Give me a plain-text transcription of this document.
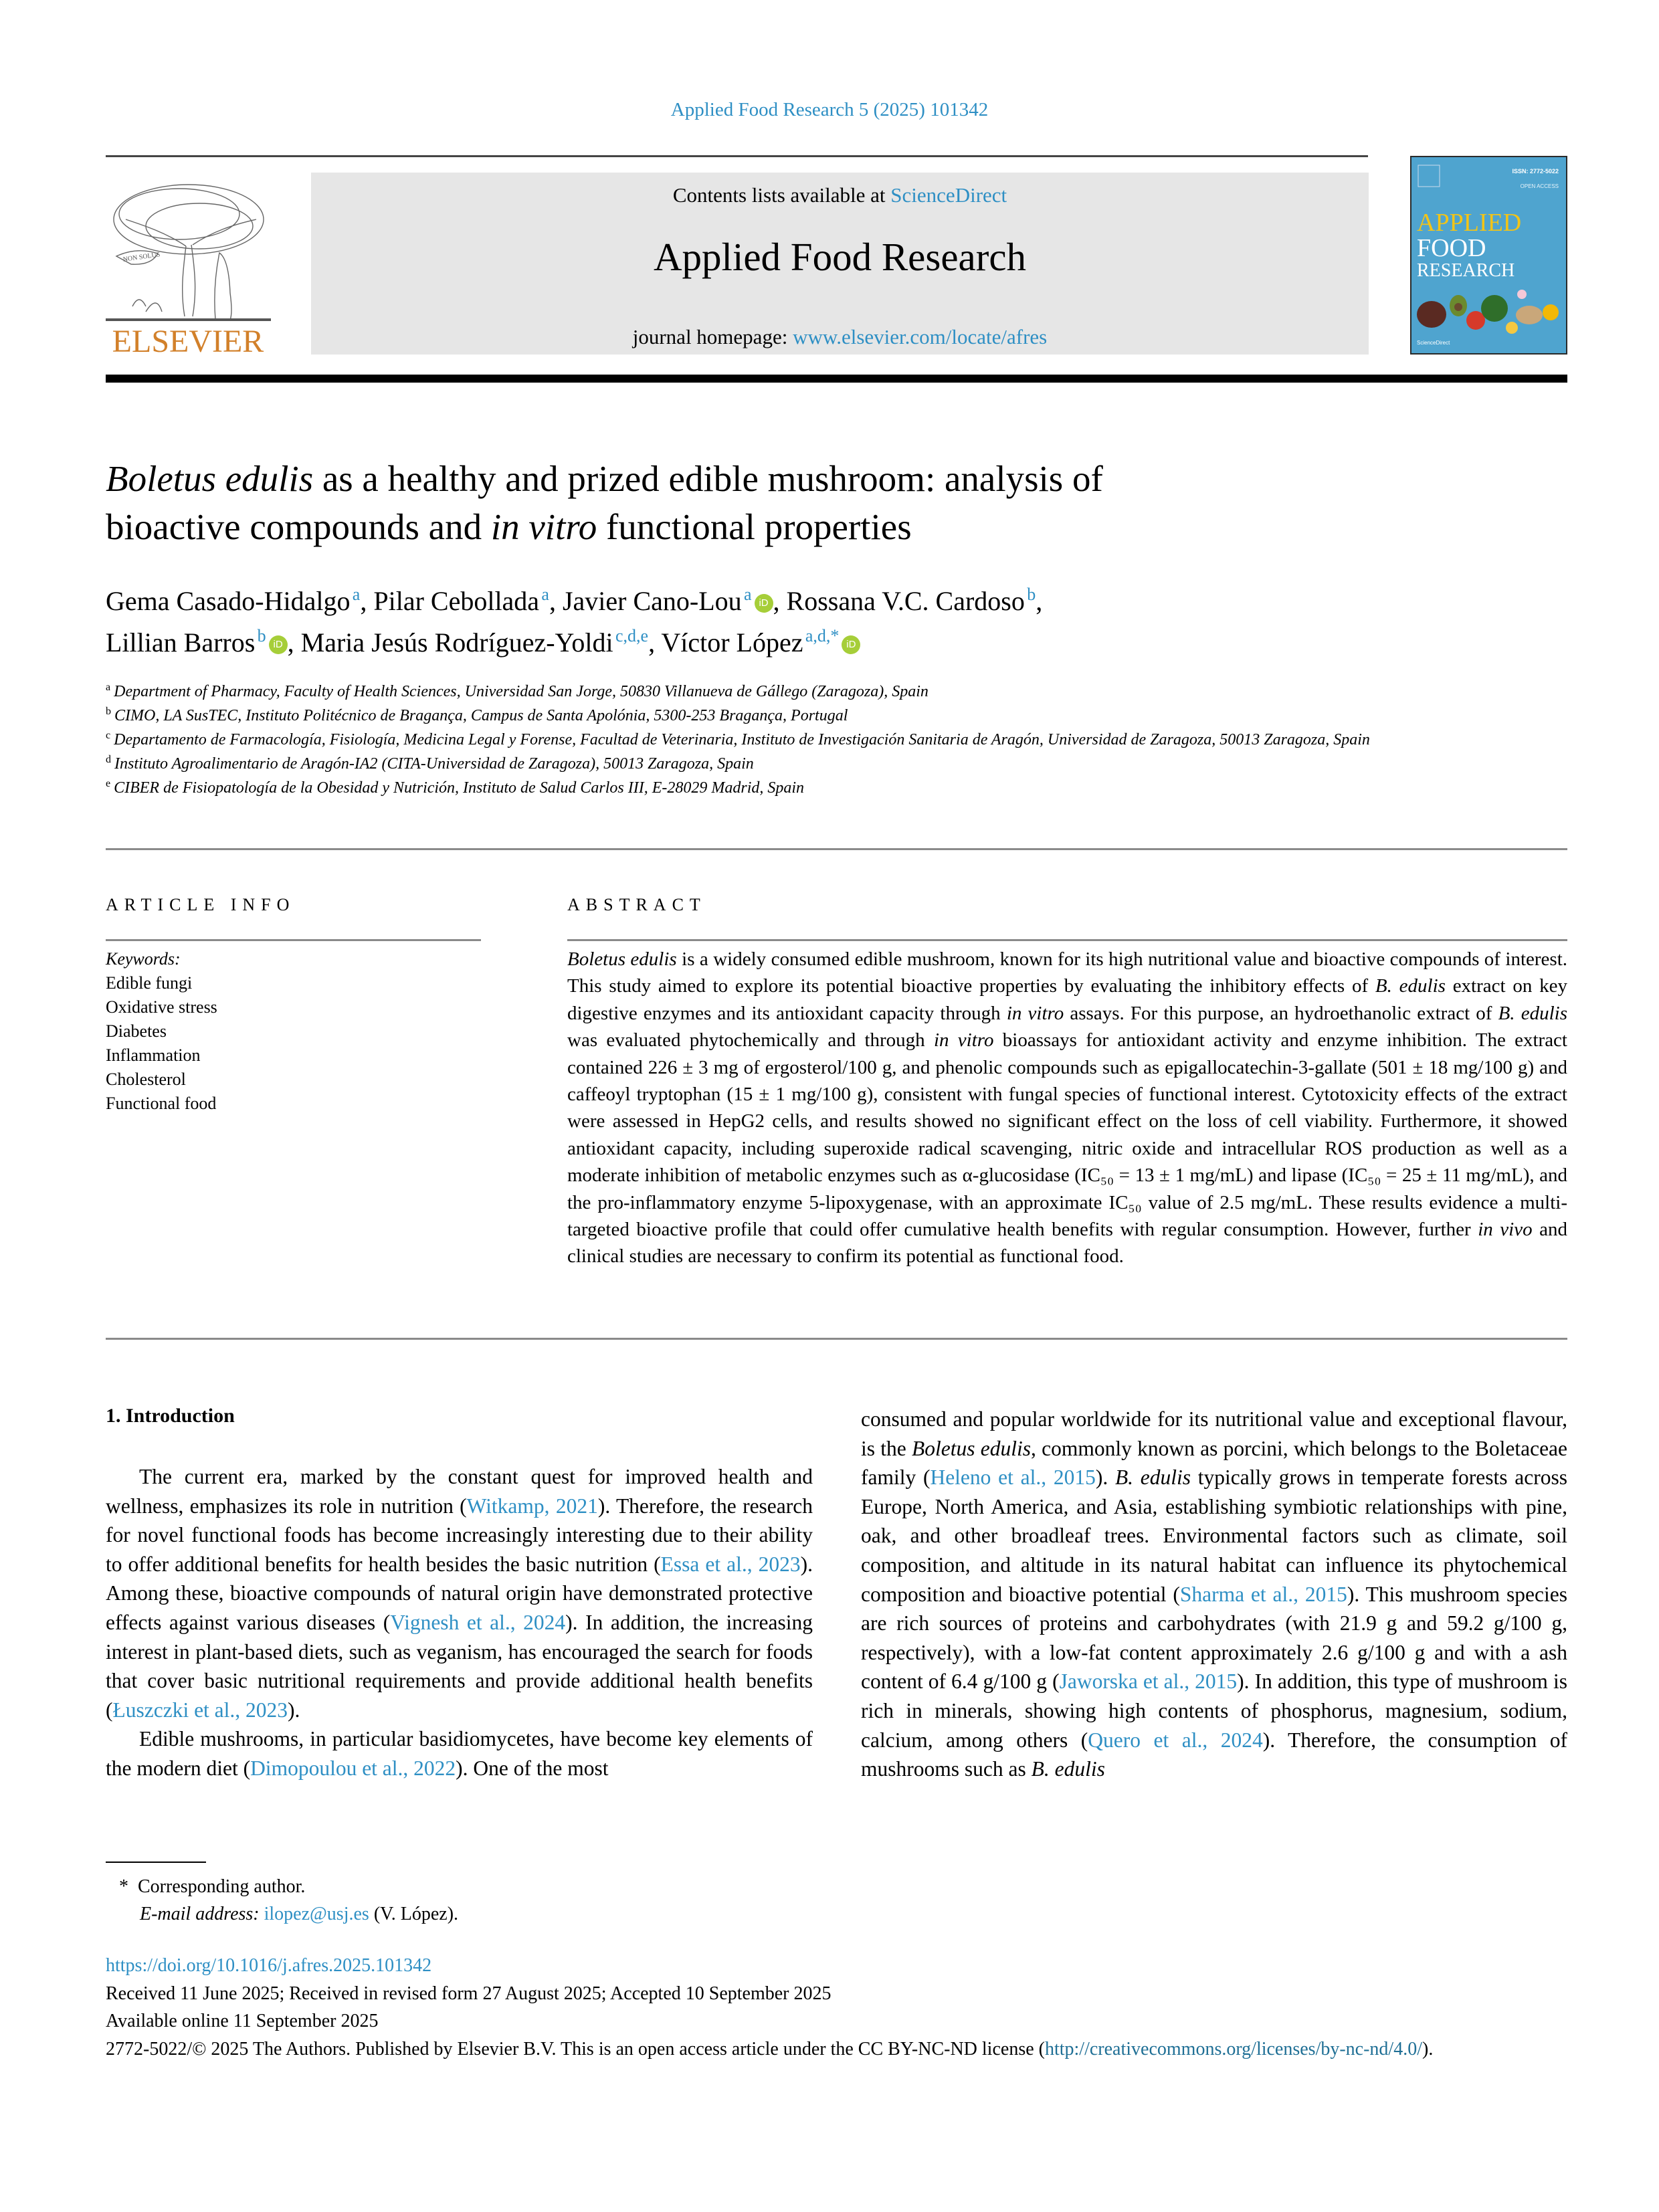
Applied Food Research 5 (2025) 101342
NON SOLUS
ELSEVIER
Contents lists available at ScienceDirect
Applied Food Research
journal homepage: www.elsevier.com/locate/afres
ISSN: 2772-5022
OPEN ACCESS
APPLIED
FOOD
RESEARCH
ScienceDirect
Boletus edulis as a healthy and prized edible mushroom: analysis of
bioactive compounds and in vitro functional properties
Gema Casado-Hidalgo  $^a$, Pilar Cebollada  $^a$, Javier Cano-Lou  $^a$ iD , Rossana V.C. Cardoso  $^b$,
Lillian Barros  $^b$ iD , Maria Jesús Rodríguez-Yoldi  $^{c,d,e}$, Víctor López  $^{a,d,*}$ iD
$^a$ Department of Pharmacy, Faculty of Health Sciences, Universidad San Jorge, 50830 Villanueva de Gállego (Zaragoza), Spain
$^b$ CIMO, LA SusTEC, Instituto Politécnico de Bragança, Campus de Santa Apolónia, 5300-253 Bragança, Portugal
$^c$ Departamento de Farmacología, Fisiología, Medicina Legal y Forense, Facultad de Veterinaria, Instituto de Investigación Sanitaria de Aragón, Universidad de Zaragoza, 50013 Zaragoza, Spain
$^d$ Instituto Agroalimentario de Aragón-IA2 (CITA-Universidad de Zaragoza), 50013 Zaragoza, Spain
$^e$ CIBER de Fisiopatología de la Obesidad y Nutrición, Instituto de Salud Carlos III, E-28029 Madrid, Spain
ARTICLE INFO	ABSTRACT
Keywords:
Edible fungi
Oxidative stress
Diabetes
Inflammation
Cholesterol
Functional food
Boletus edulis is a widely consumed edible mushroom, known for its high nutritional value and bioactive compounds of interest. This study aimed to explore its potential bioactive properties by evaluating the inhibitory effects of B. edulis extract on key digestive enzymes and its antioxidant capacity through in vitro assays. For this purpose, an hydroethanolic extract of B. edulis was evaluated phytochemically and through in vitro bioassays for antioxidant activity and enzyme inhibition. The extract contained 226 ± 3 mg of ergosterol/100 g, and phenolic compounds such as epigallocatechin-3-gallate (501 ± 18 mg/100 g) and caffeoyl tryptophan (15 ± 1 mg/100 g), consistent with fungal species of functional interest. Cytotoxicity effects of the extract were assessed in HepG2 cells, and results showed no significant effect on the loss of cell viability. Furthermore, it showed antioxidant capacity, including superoxide radical scavenging, nitric oxide and intracellular ROS production as well as a moderate inhibition of metabolic enzymes such as α-glucosidase (IC₅₀ = 13 ± 1 mg/mL) and lipase (IC₅₀ = 25 ± 11 mg/mL), and the pro-inflammatory enzyme 5-lipoxygenase, with an approximate IC₅₀ value of 2.5 mg/mL. These results evidence a multi-targeted bioactive profile that could offer cumulative health benefits with regular consumption. However, further in vivo and clinical studies are necessary to confirm its potential as functional food.
1. Introduction

The current era, marked by the constant quest for improved health and wellness, emphasizes its role in nutrition (Witkamp, 2021). Therefore, the research for novel functional foods has become increasingly interesting due to their ability to offer additional benefits for health besides the basic nutrition (Essa et al., 2023). Among these, bioactive compounds of natural origin have demonstrated protective effects against various diseases (Vignesh et al., 2024). In addition, the increasing interest in plant-based diets, such as veganism, has encouraged the search for foods that cover basic nutritional requirements and provide additional health benefits (Łuszczki et al., 2023).

Edible mushrooms, in particular basidiomycetes, have become key elements of the modern diet (Dimopoulou et al., 2022). One of the most

consumed and popular worldwide for its nutritional value and exceptional flavour, is the Boletus edulis, commonly known as porcini, which belongs to the Boletaceae family (Heleno et al., 2015). B. edulis typically grows in temperate forests across Europe, North America, and Asia, establishing symbiotic relationships with pine, oak, and other broadleaf trees. Environmental factors such as climate, soil composition, and altitude in its natural habitat can influence its phytochemical composition and bioactive potential (Sharma et al., 2015). This mushroom species are rich sources of proteins and carbohydrates (with 21.9 g and 59.2 g/100 g, respectively), with a low-fat content approximately 2.6 g/100 g and with a ash content of 6.4 g/100 g (Jaworska et al., 2015). In addition, this type of mushroom is rich in minerals, showing high contents of phosphorus, magnesium, sodium, calcium, among others (Quero et al., 2024). Therefore, the consumption of mushrooms such as B. edulis

* Corresponding author.
E-mail address: ilopez@usj.es (V. López).
https://doi.org/10.1016/j.afres.2025.101342
Received 11 June 2025; Received in revised form 27 August 2025; Accepted 10 September 2025
Available online 11 September 2025
2772-5022/© 2025 The Authors. Published by Elsevier B.V. This is an open access article under the CC BY-NC-ND license (http://creativecommons.org/licenses/by-nc-nd/4.0/).
